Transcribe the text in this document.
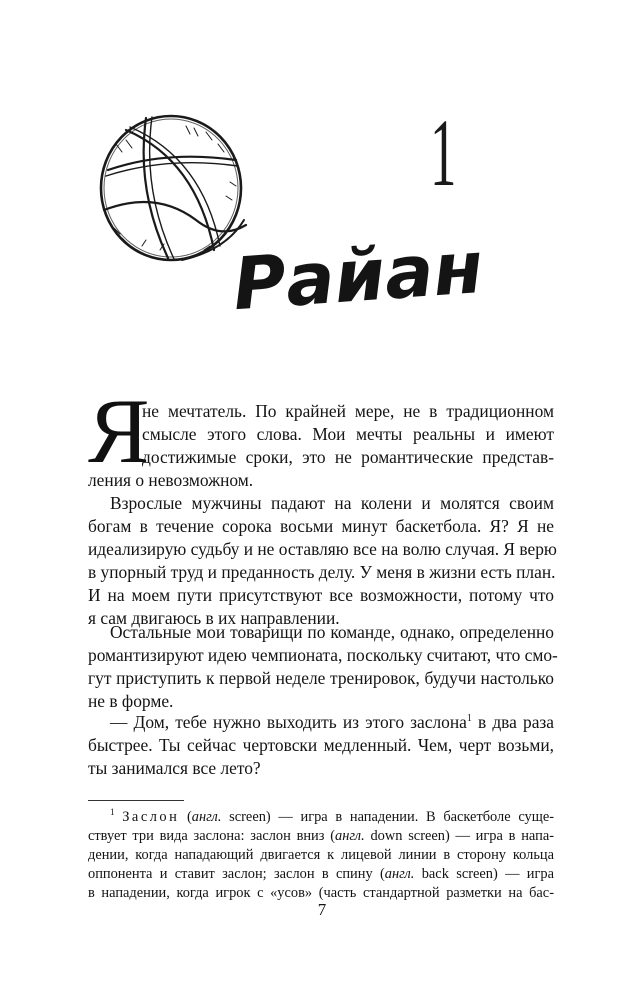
1
Райан
Я
не мечтатель. По крайней мере, не в традиционном
смысле этого слова. Мои мечты реальны и имеют
достижимые сроки, это не романтические представ-
ления о невозможном.
Взрослые мужчины падают на колени и молятся своим
богам в течение сорока восьми минут баскетбола. Я? Я не
идеализирую судьбу и не оставляю все на волю случая. Я верю
в упорный труд и преданность делу. У меня в жизни есть план.
И на моем пути присутствуют все возможности, потому что
я сам двигаюсь в их направлении.
Остальные мои товарищи по команде, однако, определенно
романтизируют идею чемпионата, поскольку считают, что смо-
гут приступить к первой неделе тренировок, будучи настолько
не в форме.
— Дом, тебе нужно выходить из этого заслона$^1$ в два раза
быстрее. Ты сейчас чертовски медленный. Чем, черт возьми,
ты занимался все лето?
$^1$ Заслон (англ. screen) — игра в нападении. В баскетболе суще-
ствует три вида заслона: заслон вниз (англ. down screen) — игра в напа-
дении, когда нападающий двигается к лицевой линии в сторону кольца
оппонента и ставит заслон; заслон в спину (англ. back screen) — игра
в нападении, когда игрок с «усов» (часть стандартной разметки на бас-
7
